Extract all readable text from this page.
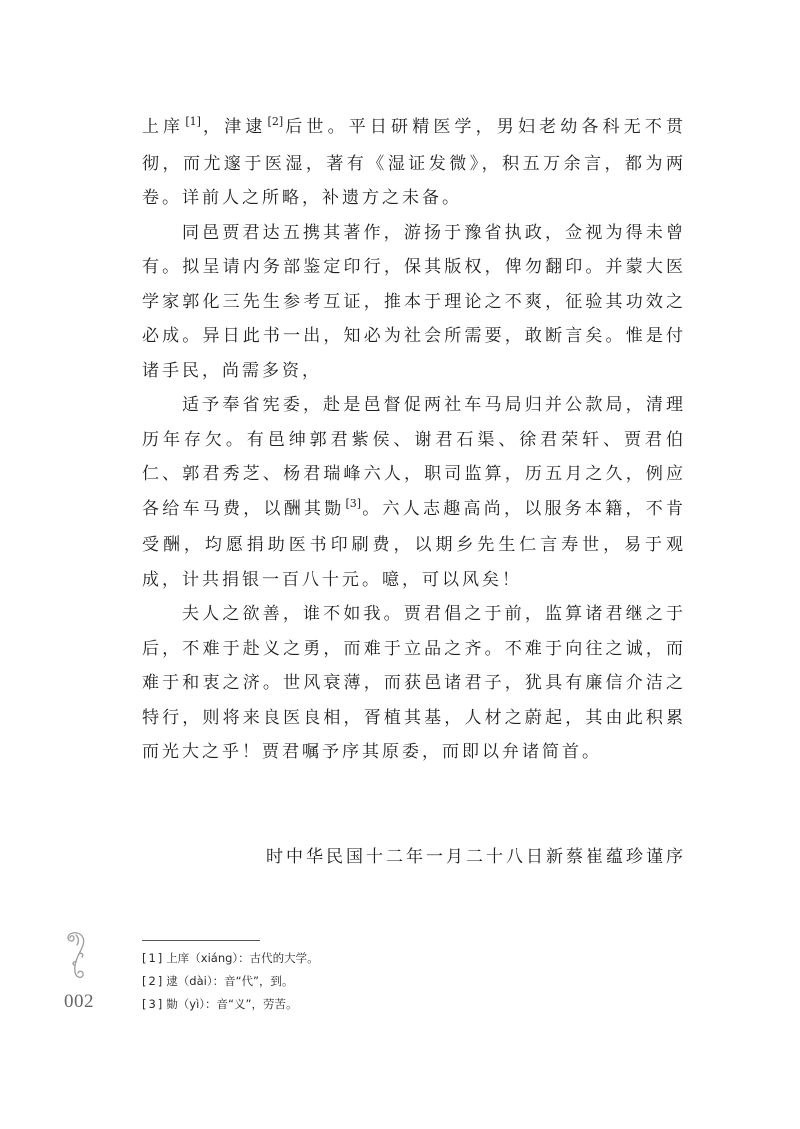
上庠[1]，津逮[2]后世。平日研精医学，男妇老幼各科无不贯彻，而尤邃于医湿，著有《湿证发微》，积五万余言，都为两卷。详前人之所略，补遗方之未备。

同邑贾君达五携其著作，游扬于豫省执政，佥视为得未曾有。拟呈请内务部鉴定印行，保其版权，俾勿翻印。并蒙大医学家郭化三先生参考互证，推本于理论之不爽，征验其功效之必成。异日此书一出，知必为社会所需要，敢断言矣。惟是付诸手民，尚需多资，

适予奉省宪委，赴是邑督促两社车马局归并公款局，清理历年存欠。有邑绅郭君紫侯、谢君石渠、徐君荣轩、贾君伯仁、郭君秀芝、杨君瑞峰六人，职司监算，历五月之久，例应各给车马费，以酬其勚[3]。六人志趣高尚，以服务本籍，不肯受酬，均愿捐助医书印刷费，以期乡先生仁言寿世，易于观成，计共捐银一百八十元。噫，可以风矣！

夫人之欲善，谁不如我。贾君倡之于前，监算诸君继之于后，不难于赴义之勇，而难于立品之齐。不难于向往之诚，而难于和衷之济。世风衰薄，而获邑诸君子，犹具有廉信介洁之特行，则将来良医良相，胥植其基，人材之蔚起，其由此积累而光大之乎！贾君嘱予序其原委，而即以弁诸简首。

时中华民国十二年一月二十八日新蔡崔蕴珍谨序
[1] 上庠（xiáng）：古代的大学。
[2] 逮（dài）：音“代”，到。
[3] 勚（yì）：音“义”，劳苦。
002
